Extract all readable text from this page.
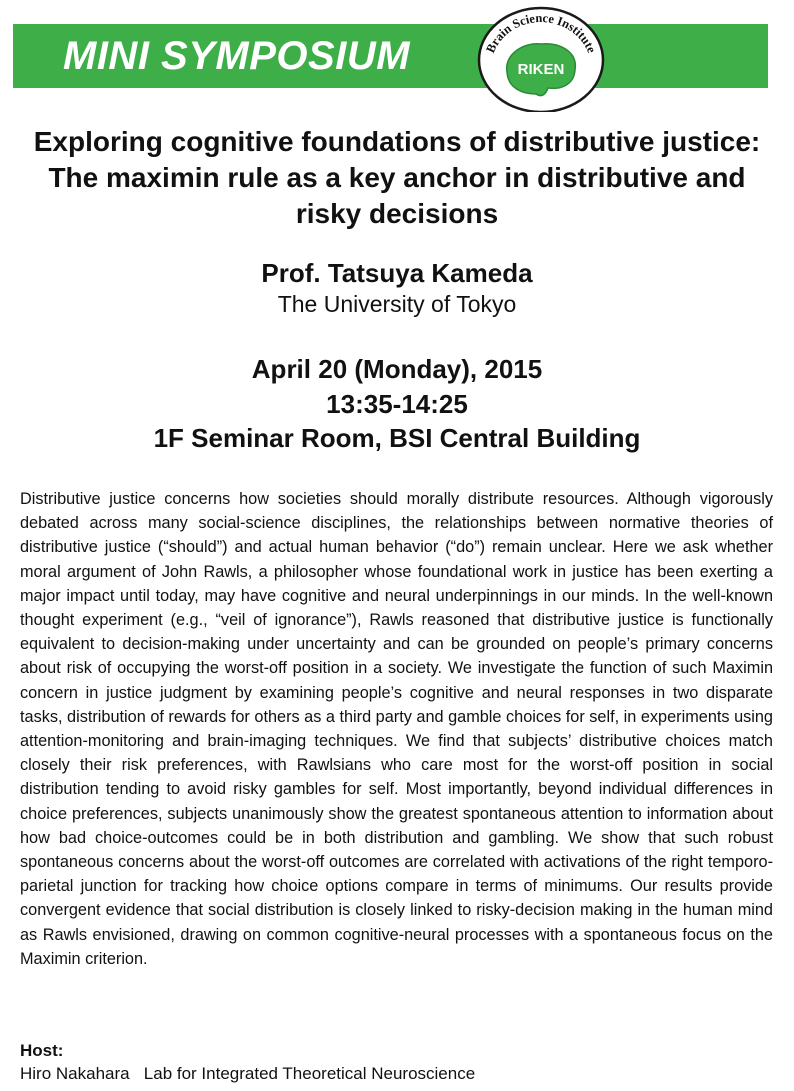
MINI SYMPOSIUM	Brain Science Institute
RIKEN
Exploring cognitive foundations of distributive justice: The maximin rule as a key anchor in distributive and risky decisions
Prof. Tatsuya Kameda
The University of Tokyo
April 20 (Monday), 2015
13:35-14:25
1F Seminar Room, BSI Central Building
Distributive justice concerns how societies should morally distribute resources. Although vigorously debated across many social-science disciplines, the relationships between normative theories of distributive justice (“should”) and actual human behavior (“do”) remain unclear. Here we ask whether moral argument of John Rawls, a philosopher whose foundational work in justice has been exerting a major impact until today, may have cognitive and neural underpinnings in our minds. In the well-known thought experiment (e.g., “veil of ignorance”), Rawls reasoned that distributive justice is functionally equivalent to decision-making under uncertainty and can be grounded on people’s primary concerns about risk of occupying the worst-off position in a society. We investigate the function of such Maximin concern in justice judgment by examining people’s cognitive and neural responses in two disparate tasks, distribution of rewards for others as a third party and gamble choices for self, in experiments using attention-monitoring and brain-imaging techniques. We find that subjects’ distributive choices match closely their risk preferences, with Rawlsians who care most for the worst-off position in social distribution tending to avoid risky gambles for self. Most importantly, beyond individual differences in choice preferences, subjects unanimously show the greatest spontaneous attention to information about how bad choice-outcomes could be in both distribution and gambling. We show that such robust spontaneous concerns about the worst-off outcomes are correlated with activations of the right temporo-parietal junction for tracking how choice options compare in terms of minimums. Our results provide convergent evidence that social distribution is closely linked to risky-decision making in the human mind as Rawls envisioned, drawing on common cognitive-neural processes with a spontaneous focus on the Maximin criterion.
Host:
Hiro Nakahara Lab for Integrated Theoretical Neuroscience
